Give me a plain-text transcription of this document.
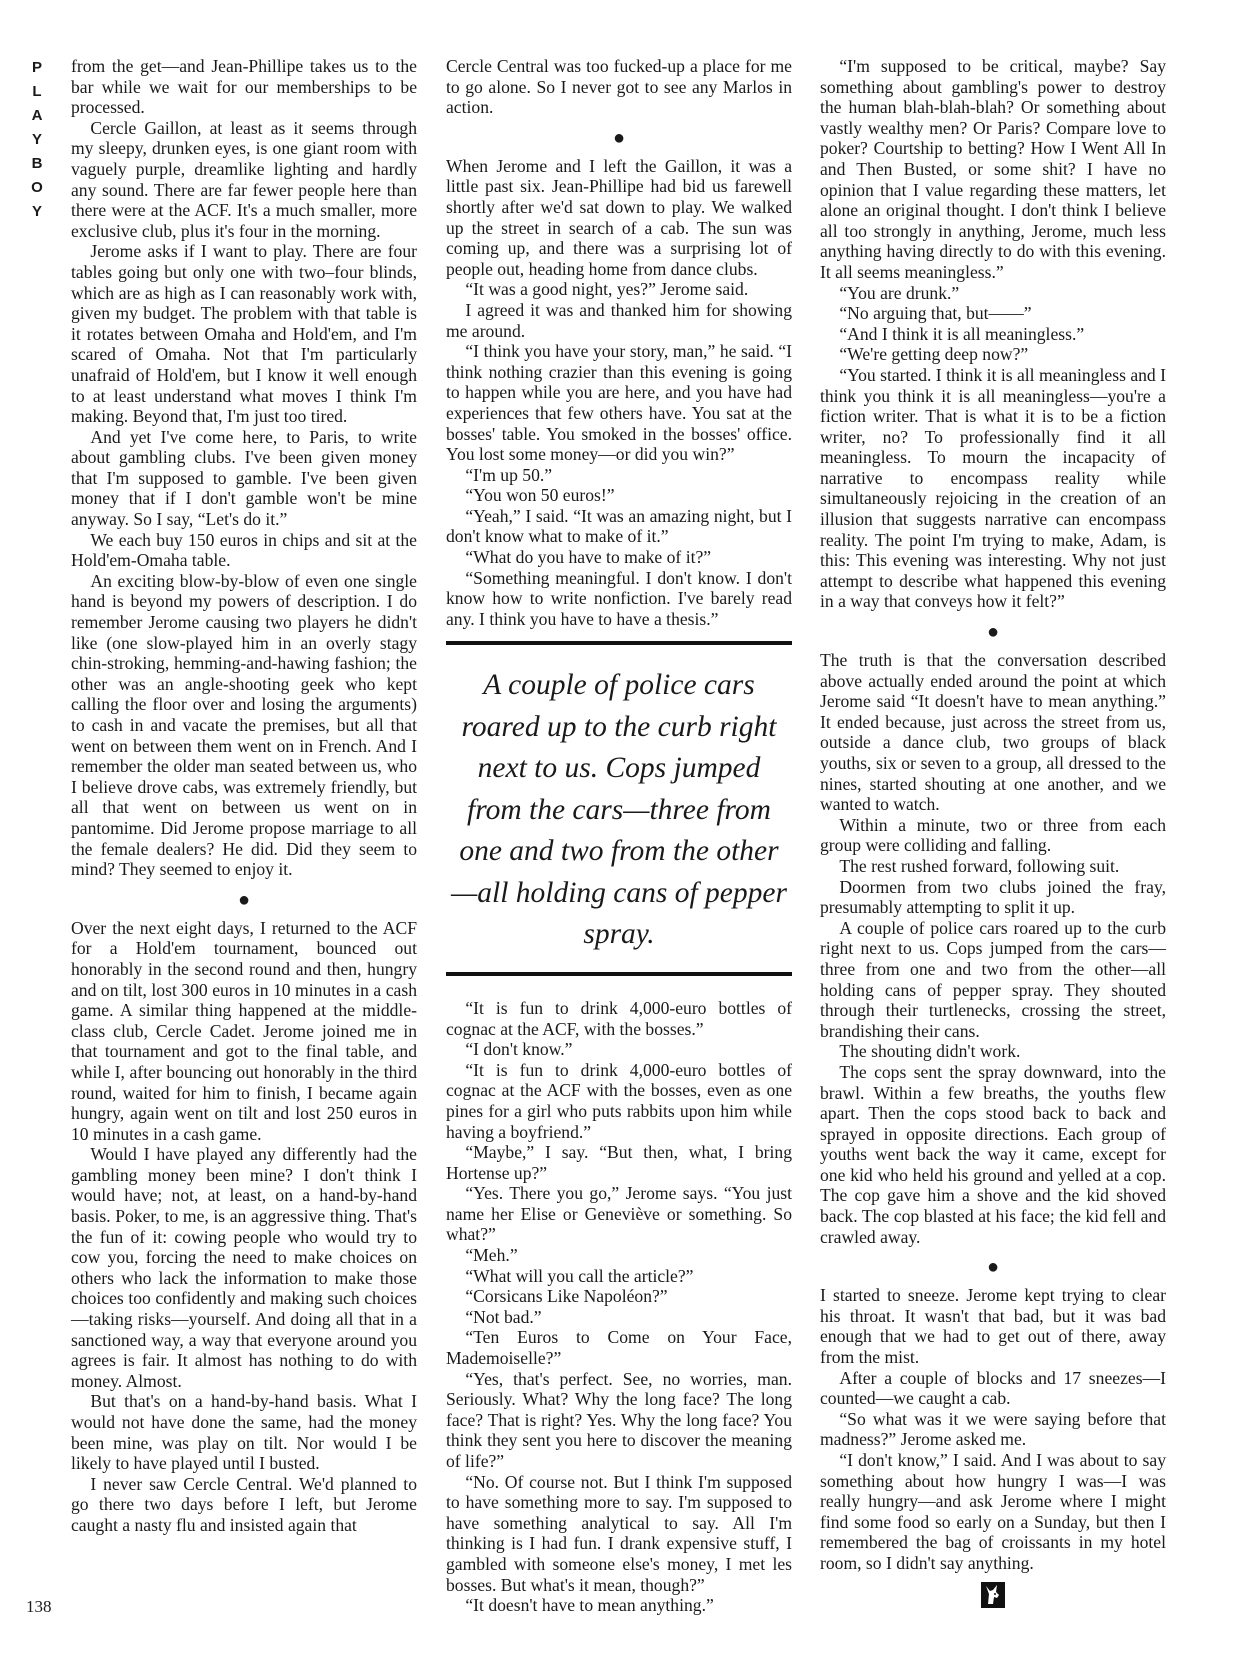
P
L
A
Y
B
O
Y
138

from the get—and Jean-Phillipe takes us to the bar while we wait for our memberships to be processed.

Cercle Gaillon, at least as it seems through my sleepy, drunken eyes, is one giant room with vaguely purple, dreamlike lighting and hardly any sound. There are far fewer people here than there were at the ACF. It's a much smaller, more exclusive club, plus it's four in the morning.

Jerome asks if I want to play. There are four tables going but only one with two–four blinds, which are as high as I can reasonably work with, given my budget. The problem with that table is it rotates between Omaha and Hold'em, and I'm scared of Omaha. Not that I'm particularly unafraid of Hold'em, but I know it well enough to at least understand what moves I think I'm making. Beyond that, I'm just too tired.

And yet I've come here, to Paris, to write about gambling clubs. I've been given money that I'm supposed to gamble. I've been given money that if I don't gamble won't be mine anyway. So I say, “Let's do it.”

We each buy 150 euros in chips and sit at the Hold'em-Omaha table.

An exciting blow-by-blow of even one single hand is beyond my powers of description. I do remember Jerome causing two players he didn't like (one slow-played him in an overly stagy chin-stroking, hemming-and-hawing fashion; the other was an angle-shooting geek who kept calling the floor over and losing the arguments) to cash in and vacate the premises, but all that went on between them went on in French. And I remember the older man seated between us, who I believe drove cabs, was extremely friendly, but all that went on between us went on in pantomime. Did Jerome propose marriage to all the female dealers? He did. Did they seem to mind? They seemed to enjoy it.

●

Over the next eight days, I returned to the ACF for a Hold'em tournament, bounced out honorably in the second round and then, hungry and on tilt, lost 300 euros in 10 minutes in a cash game. A similar thing happened at the middle-class club, Cercle Cadet. Jerome joined me in that tournament and got to the final table, and while I, after bouncing out honorably in the third round, waited for him to finish, I became again hungry, again went on tilt and lost 250 euros in 10 minutes in a cash game.

Would I have played any differently had the gambling money been mine? I don't think I would have; not, at least, on a hand-by-hand basis. Poker, to me, is an aggressive thing. That's the fun of it: cowing people who would try to cow you, forcing the need to make choices on others who lack the information to make those choices too confidently and making such choices—taking risks—yourself. And doing all that in a sanctioned way, a way that everyone around you agrees is fair. It almost has nothing to do with money. Almost.

But that's on a hand-by-hand basis. What I would not have done the same, had the money been mine, was play on tilt. Nor would I be likely to have played until I busted.

I never saw Cercle Central. We'd planned to go there two days before I left, but Jerome caught a nasty flu and insisted again that

Cercle Central was too fucked-up a place for me to go alone. So I never got to see any Marlos in action.

●

When Jerome and I left the Gaillon, it was a little past six. Jean-Phillipe had bid us farewell shortly after we'd sat down to play. We walked up the street in search of a cab. The sun was coming up, and there was a surprising lot of people out, heading home from dance clubs.

“It was a good night, yes?” Jerome said.

I agreed it was and thanked him for showing me around.

“I think you have your story, man,” he said. “I think nothing crazier than this evening is going to happen while you are here, and you have had experiences that few others have. You sat at the bosses' table. You smoked in the bosses' office. You lost some money—or did you win?”

“I'm up 50.”

“You won 50 euros!”

“Yeah,” I said. “It was an amazing night, but I don't know what to make of it.”

“What do you have to make of it?”

“Something meaningful. I don't know. I don't know how to write nonfiction. I've barely read any. I think you have to have a thesis.”

A couple of police cars roared up to the curb right next to us. Cops jumped from the cars—three from one and two from the other—all holding cans of pepper spray.

“It is fun to drink 4,000-euro bottles of cognac at the ACF, with the bosses.”

“I don't know.”

“It is fun to drink 4,000-euro bottles of cognac at the ACF with the bosses, even as one pines for a girl who puts rabbits upon him while having a boyfriend.”

“Maybe,” I say. “But then, what, I bring Hortense up?”

“Yes. There you go,” Jerome says. “You just name her Elise or Geneviève or something. So what?”

“Meh.”

“What will you call the article?”

“Corsicans Like Napoléon?”

“Not bad.”

“Ten Euros to Come on Your Face, Mademoiselle?”

“Yes, that's perfect. See, no worries, man. Seriously. What? Why the long face? The long face? That is right? Yes. Why the long face? You think they sent you here to discover the meaning of life?”

“No. Of course not. But I think I'm supposed to have something more to say. I'm supposed to have something analytical to say. All I'm thinking is I had fun. I drank expensive stuff, I gambled with someone else's money, I met les bosses. But what's it mean, though?”

“It doesn't have to mean anything.”

“I'm supposed to be critical, maybe? Say something about gambling's power to destroy the human blah-blah-blah? Or something about vastly wealthy men? Or Paris? Compare love to poker? Courtship to betting? How I Went All In and Then Busted, or some shit? I have no opinion that I value regarding these matters, let alone an original thought. I don't think I believe all too strongly in anything, Jerome, much less anything having directly to do with this evening. It all seems meaningless.”

“You are drunk.”

“No arguing that, but——”

“And I think it is all meaningless.”

“We're getting deep now?”

“You started. I think it is all meaningless and I think you think it is all meaningless—you're a fiction writer. That is what it is to be a fiction writer, no? To professionally find it all meaningless. To mourn the incapacity of narrative to encompass reality while simultaneously rejoicing in the creation of an illusion that suggests narrative can encompass reality. The point I'm trying to make, Adam, is this: This evening was interesting. Why not just attempt to describe what happened this evening in a way that conveys how it felt?”

●

The truth is that the conversation described above actually ended around the point at which Jerome said “It doesn't have to mean anything.” It ended because, just across the street from us, outside a dance club, two groups of black youths, six or seven to a group, all dressed to the nines, started shouting at one another, and we wanted to watch.

Within a minute, two or three from each group were colliding and falling.

The rest rushed forward, following suit.

Doormen from two clubs joined the fray, presumably attempting to split it up.

A couple of police cars roared up to the curb right next to us. Cops jumped from the cars—three from one and two from the other—all holding cans of pepper spray. They shouted through their turtlenecks, crossing the street, brandishing their cans.

The shouting didn't work.

The cops sent the spray downward, into the brawl. Within a few breaths, the youths flew apart. Then the cops stood back to back and sprayed in opposite directions. Each group of youths went back the way it came, except for one kid who held his ground and yelled at a cop. The cop gave him a shove and the kid shoved back. The cop blasted at his face; the kid fell and crawled away.

●

I started to sneeze. Jerome kept trying to clear his throat. It wasn't that bad, but it was bad enough that we had to get out of there, away from the mist.

After a couple of blocks and 17 sneezes—I counted—we caught a cab.

“So what was it we were saying before that madness?” Jerome asked me.

“I don't know,” I said. And I was about to say something about how hungry I was—I was really hungry—and ask Jerome where I might find some food so early on a Sunday, but then I remembered the bag of croissants in my hotel room, so I didn't say anything.
